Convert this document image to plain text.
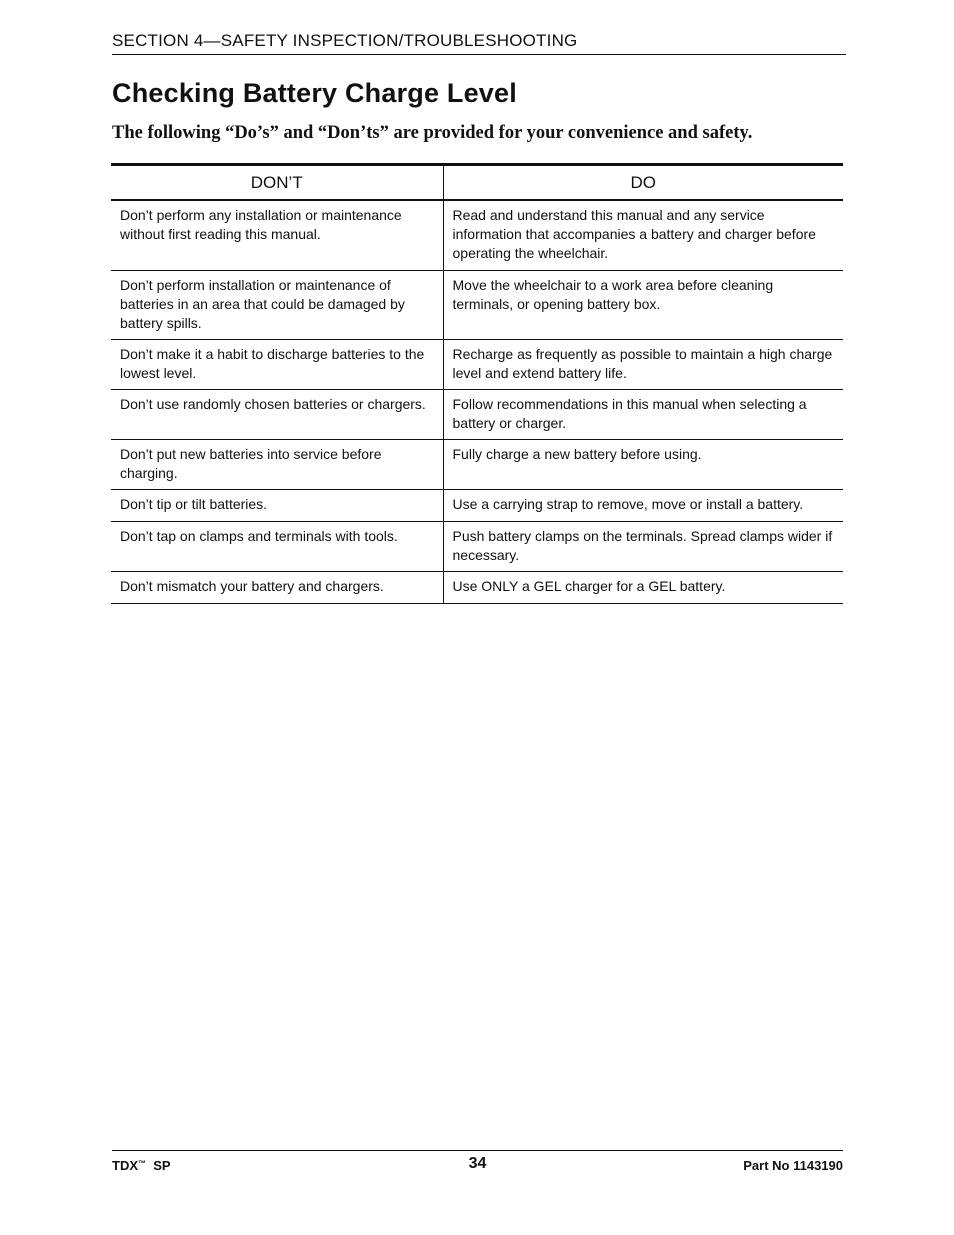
SECTION 4—SAFETY INSPECTION/TROUBLESHOOTING
Checking Battery Charge Level

The following “Do’s” and “Don’ts” are provided for your convenience and safety.

DON’T	DO
Don’t perform any installation or maintenance without first reading this manual.	Read and understand this manual and any service information that accompanies a battery and charger before operating the wheelchair.
Don’t perform installation or maintenance of batteries in an area that could be damaged by battery spills.	Move the wheelchair to a work area before cleaning terminals, or opening battery box.
Don’t make it a habit to discharge batteries to the lowest level.	Recharge as frequently as possible to maintain a high charge level and extend battery life.
Don’t use randomly chosen batteries or chargers.	Follow recommendations in this manual when selecting a battery or charger.
Don’t put new batteries into service before charging.	Fully charge a new battery before using.
Don’t tip or tilt batteries.	Use a carrying strap to remove, move or install a battery.
Don’t tap on clamps and terminals with tools.	Push battery clamps on the terminals. Spread clamps wider if necessary.
Don’t mismatch your battery and chargers.	Use ONLY a GEL charger for a GEL battery.
TDX™ SP	34	Part No 1143190
